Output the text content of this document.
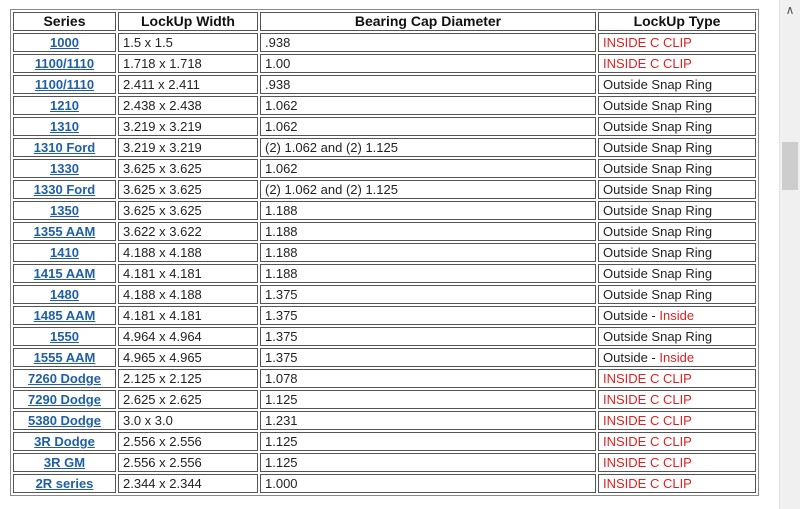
Series	LockUp Width	Bearing Cap Diameter	LockUp Type
1000	1.5 x 1.5	.938	INSIDE C CLIP
1100/1110	1.718 x 1.718	1.00	INSIDE C CLIP
1100/1110	2.411 x 2.411	.938	Outside Snap Ring
1210	2.438 x 2.438	1.062	Outside Snap Ring
1310	3.219 x 3.219	1.062	Outside Snap Ring
1310 Ford	3.219 x 3.219	(2) 1.062 and (2) 1.125	Outside Snap Ring
1330	3.625 x 3.625	1.062	Outside Snap Ring
1330 Ford	3.625 x 3.625	(2) 1.062 and (2) 1.125	Outside Snap Ring
1350	3.625 x 3.625	1.188	Outside Snap Ring
1355 AAM	3.622 x 3.622	1.188	Outside Snap Ring
1410	4.188 x 4.188	1.188	Outside Snap Ring
1415 AAM	4.181 x 4.181	1.188	Outside Snap Ring
1480	4.188 x 4.188	1.375	Outside Snap Ring
1485 AAM	4.181 x 4.181	1.375	Outside - Inside
1550	4.964 x 4.964	1.375	Outside Snap Ring
1555 AAM	4.965 x 4.965	1.375	Outside - Inside
7260 Dodge	2.125 x 2.125	1.078	INSIDE C CLIP
7290 Dodge	2.625 x 2.625	1.125	INSIDE C CLIP
5380 Dodge	3.0 x 3.0	1.231	INSIDE C CLIP
3R Dodge	2.556 x 2.556	1.125	INSIDE C CLIP
3R GM	2.556 x 2.556	1.125	INSIDE C CLIP
2R series	2.344 x 2.344	1.000	INSIDE C CLIP
∧
